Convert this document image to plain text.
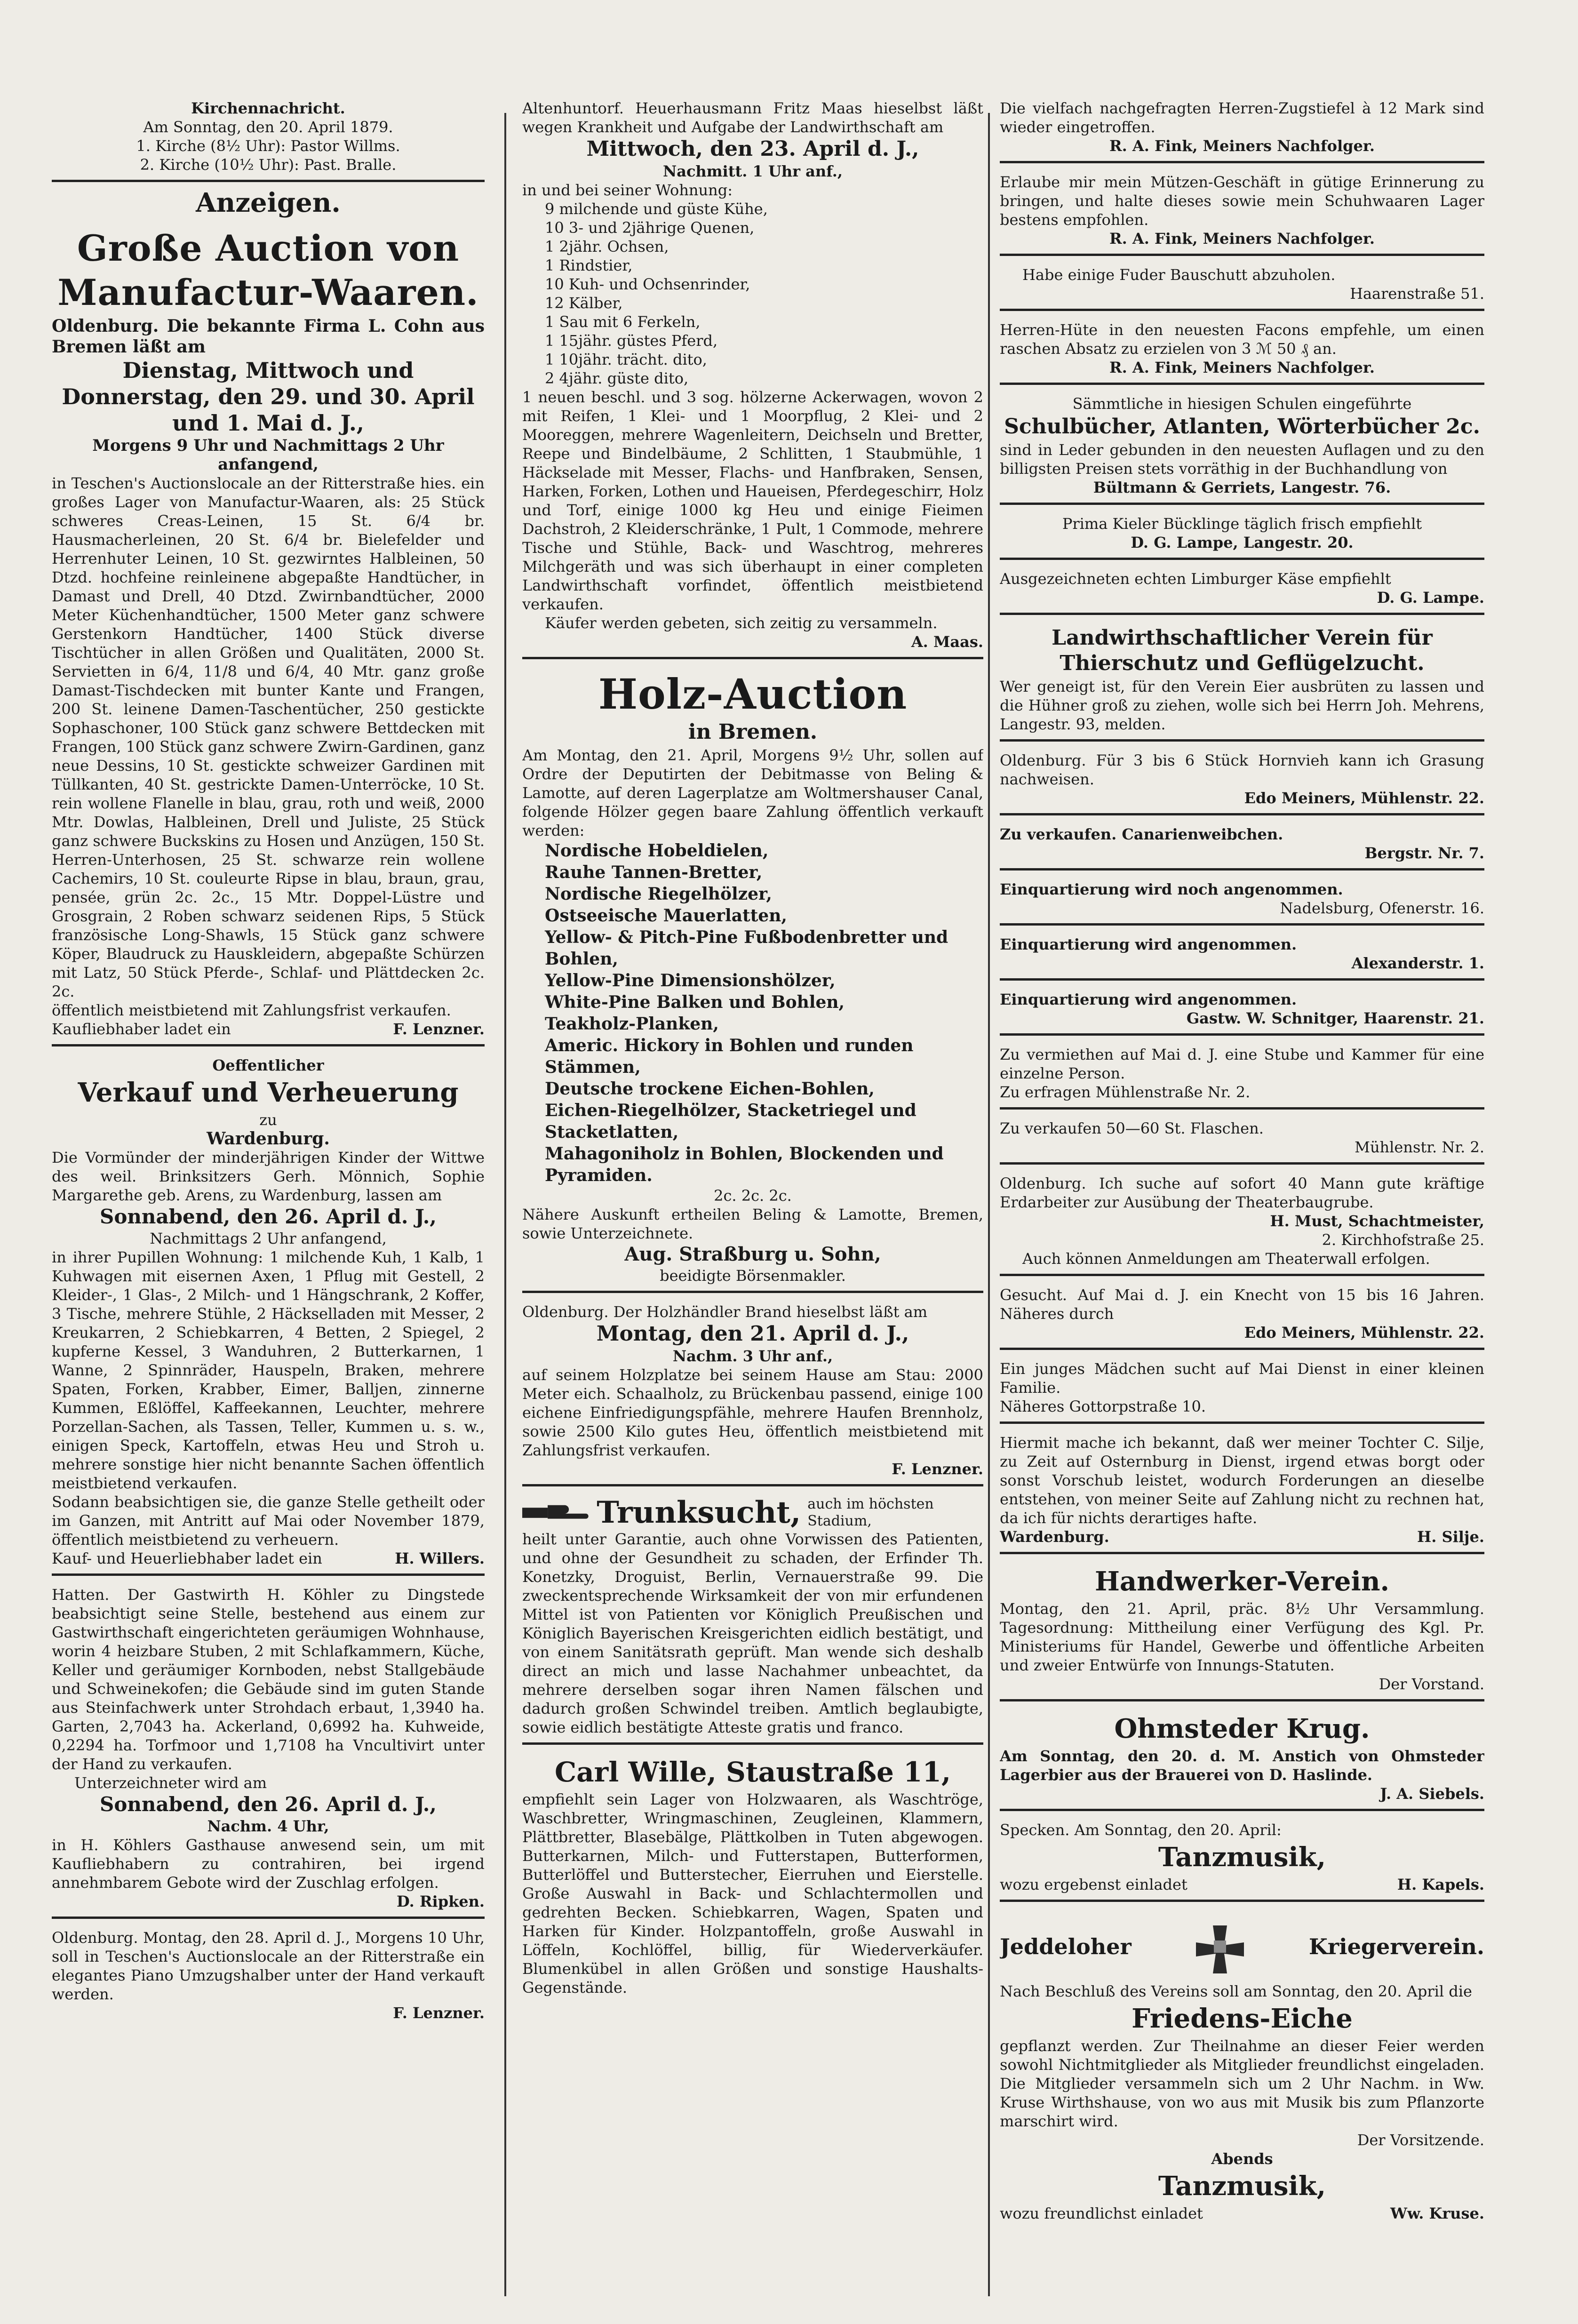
Kirchennachricht.

Am Sonntag, den 20. April 1879.

1. Kirche (8½ Uhr): Pastor Willms.

2. Kirche (10½ Uhr): Past. Bralle.

Anzeigen.
Große Auction von
Manufactur-Waaren.

Oldenburg. Die bekannte Firma L. Cohn aus Bremen läßt am

Dienstag, Mittwoch und Donnerstag, den 29. und 30. April und 1. Mai d. J.,

Morgens 9 Uhr und Nachmittags 2 Uhr anfangend,

in Teschen's Auctionslocale an der Ritterstraße hies. ein großes Lager von Manufactur-Waaren, als: 25 Stück schweres Creas-Leinen, 15 St. 6/4 br. Hausmacherleinen, 20 St. 6/4 br. Bielefelder und Herrenhuter Leinen, 10 St. gezwirntes Halbleinen, 50 Dtzd. hochfeine reinleinene abgepaßte Handtücher, in Damast und Drell, 40 Dtzd. Zwirnbandtücher, 2000 Meter Küchenhandtücher, 1500 Meter ganz schwere Gerstenkorn Handtücher, 1400 Stück diverse Tischtücher in allen Größen und Qualitäten, 2000 St. Servietten in 6/4, 11/8 und 6/4, 40 Mtr. ganz große Damast-Tischdecken mit bunter Kante und Frangen, 200 St. leinene Damen-Taschentücher, 250 gestickte Sophaschoner, 100 Stück ganz schwere Bettdecken mit Frangen, 100 Stück ganz schwere Zwirn-Gardinen, ganz neue Dessins, 10 St. gestickte schweizer Gardinen mit Tüllkanten, 40 St. gestrickte Damen-Unterröcke, 10 St. rein wollene Flanelle in blau, grau, roth und weiß, 2000 Mtr. Dowlas, Halbleinen, Drell und Juliste, 25 Stück ganz schwere Buckskins zu Hosen und Anzügen, 150 St. Herren-Unterhosen, 25 St. schwarze rein wollene Cachemirs, 10 St. couleurte Ripse in blau, braun, grau, pensée, grün 2c. 2c., 15 Mtr. Doppel-Lüstre und Grosgrain, 2 Roben schwarz seidenen Rips, 5 Stück französische Long-Shawls, 15 Stück ganz schwere Köper, Blaudruck zu Hauskleidern, abgepaßte Schürzen mit Latz, 50 Stück Pferde-, Schlaf- und Plättdecken 2c. 2c.

öffentlich meistbietend mit Zahlungsfrist verkaufen.

Kaufliebhaber ladet ein	F. Lenzner.

Oeffentlicher

Verkauf und Verheuerung

zu

Wardenburg.

Die Vormünder der minderjährigen Kinder der Wittwe des weil. Brinksitzers Gerh. Mönnich, Sophie Margarethe geb. Arens, zu Wardenburg, lassen am

Sonnabend, den 26. April d. J.,

Nachmittags 2 Uhr anfangend,

in ihrer Pupillen Wohnung: 1 milchende Kuh, 1 Kalb, 1 Kuhwagen mit eisernen Axen, 1 Pflug mit Gestell, 2 Kleider-, 1 Glas-, 2 Milch- und 1 Hängschrank, 2 Koffer, 3 Tische, mehrere Stühle, 2 Häckselladen mit Messer, 2 Kreukarren, 2 Schiebkarren, 4 Betten, 2 Spiegel, 2 kupferne Kessel, 3 Wanduhren, 2 Butterkarnen, 1 Wanne, 2 Spinnräder, Hauspeln, Braken, mehrere Spaten, Forken, Krabber, Eimer, Balljen, zinnerne Kummen, Eßlöffel, Kaffeekannen, Leuchter, mehrere Porzellan-Sachen, als Tassen, Teller, Kummen u. s. w., einigen Speck, Kartoffeln, etwas Heu und Stroh u. mehrere sonstige hier nicht benannte Sachen öffentlich meistbietend verkaufen.

Sodann beabsichtigen sie, die ganze Stelle getheilt oder im Ganzen, mit Antritt auf Mai oder November 1879, öffentlich meistbietend zu verheuern.

Kauf- und Heuerliebhaber ladet ein	H. Willers.

Hatten. Der Gastwirth H. Köhler zu Dingstede beabsichtigt seine Stelle, bestehend aus einem zur Gastwirthschaft eingerichteten geräumigen Wohnhause, worin 4 heizbare Stuben, 2 mit Schlafkammern, Küche, Keller und geräumiger Kornboden, nebst Stallgebäude und Schweinekofen; die Gebäude sind im guten Stande aus Steinfachwerk unter Strohdach erbaut, 1,3940 ha. Garten, 2,7043 ha. Ackerland, 0,6992 ha. Kuhweide, 0,2294 ha. Torfmoor und 1,7108 ha Vncultivirt unter der Hand zu verkaufen.

Unterzeichneter wird am

Sonnabend, den 26. April d. J.,

Nachm. 4 Uhr,

in H. Köhlers Gasthause anwesend sein, um mit Kaufliebhabern zu contrahiren, bei irgend annehmbarem Gebote wird der Zuschlag erfolgen.

D. Ripken.

Oldenburg. Montag, den 28. April d. J., Morgens 10 Uhr, soll in Teschen's Auctionslocale an der Ritterstraße ein elegantes Piano Umzugshalber unter der Hand verkauft werden.

F. Lenzner.

Altenhuntorf. Heuerhausmann Fritz Maas hieselbst läßt wegen Krankheit und Aufgabe der Landwirthschaft am

Mittwoch, den 23. April d. J.,

Nachmitt. 1 Uhr anf.,

in und bei seiner Wohnung:

9 milchende und güste Kühe,

10 3- und 2jährige Quenen,

1 2jähr. Ochsen,

1 Rindstier,

10 Kuh- und Ochsenrinder,

12 Kälber,

1 Sau mit 6 Ferkeln,

1 15jähr. güstes Pferd,

1 10jähr. trächt. dito,

2 4jähr. güste dito,

1 neuen beschl. und 3 sog. hölzerne Ackerwagen, wovon 2 mit Reifen, 1 Klei- und 1 Moorpflug, 2 Klei- und 2 Mooreggen, mehrere Wagenleitern, Deichseln und Bretter, Reepe und Bindelbäume, 2 Schlitten, 1 Staubmühle, 1 Häckselade mit Messer, Flachs- und Hanfbraken, Sensen, Harken, Forken, Lothen und Haueisen, Pferdegeschirr, Holz und Torf, einige 1000 kg Heu und einige Fieimen Dachstroh, 2 Kleiderschränke, 1 Pult, 1 Commode, mehrere Tische und Stühle, Back- und Waschtrog, mehreres Milchgeräth und was sich überhaupt in einer completen Landwirthschaft vorfindet, öffentlich meistbietend verkaufen.

Käufer werden gebeten, sich zeitig zu versammeln.

A. Maas.

Holz-Auction
in Bremen.

Am Montag, den 21. April, Morgens 9½ Uhr, sollen auf Ordre der Deputirten der Debitmasse von Beling & Lamotte, auf deren Lagerplatze am Woltmershauser Canal, folgende Hölzer gegen baare Zahlung öffentlich verkauft werden:

Nordische Hobeldielen,

Rauhe Tannen-Bretter,

Nordische Riegelhölzer,

Ostseeische Mauerlatten,

Yellow- & Pitch-Pine Fußbodenbretter und Bohlen,

Yellow-Pine Dimensionshölzer,

White-Pine Balken und Bohlen,

Teakholz-Planken,

Americ. Hickory in Bohlen und runden Stämmen,

Deutsche trockene Eichen-Bohlen,

Eichen-Riegelhölzer, Stacketriegel und Stacketlatten,

Mahagoniholz in Bohlen, Blockenden und Pyramiden.

2c. 2c. 2c.

Nähere Auskunft ertheilen Beling & Lamotte, Bremen, sowie Unterzeichnete.

Aug. Straßburg u. Sohn,

beeidigte Börsenmakler.

Oldenburg. Der Holzhändler Brand hieselbst läßt am

Montag, den 21. April d. J.,

Nachm. 3 Uhr anf.,

auf seinem Holzplatze bei seinem Hause am Stau: 2000 Meter eich. Schaalholz, zu Brückenbau passend, einige 100 eichene Einfriedigungspfähle, mehrere Haufen Brennholz, sowie 2500 Kilo gutes Heu, öffentlich meistbietend mit Zahlungsfrist verkaufen.

F. Lenzner.

Trunksucht, auch im höchsten Stadium,

heilt unter Garantie, auch ohne Vorwissen des Patienten, und ohne der Gesundheit zu schaden, der Erfinder Th. Konetzky, Droguist, Berlin, Vernauerstraße 99. Die zweckentsprechende Wirksamkeit der von mir erfundenen Mittel ist von Patienten vor Königlich Preußischen und Königlich Bayerischen Kreisgerichten eidlich bestätigt, und von einem Sanitätsrath geprüft. Man wende sich deshalb direct an mich und lasse Nachahmer unbeachtet, da mehrere derselben sogar ihren Namen fälschen und dadurch großen Schwindel treiben. Amtlich beglaubigte, sowie eidlich bestätigte Atteste gratis und franco.

Carl Wille, Staustraße 11,

empfiehlt sein Lager von Holzwaaren, als Waschtröge, Waschbretter, Wringmaschinen, Zeugleinen, Klammern, Plättbretter, Blasebälge, Plättkolben in Tuten abgewogen. Butterkarnen, Milch- und Futterstapen, Butterformen, Butterlöffel und Butterstecher, Eierruhen und Eierstelle. Große Auswahl in Back- und Schlachtermollen und gedrehten Becken. Schiebkarren, Wagen, Spaten und Harken für Kinder. Holzpantoffeln, große Auswahl in Löffeln, Kochlöffel, billig, für Wiederverkäufer. Blumenkübel in allen Größen und sonstige Haushalts-Gegenstände.

Die vielfach nachgefragten Herren-Zugstiefel à 12 Mark sind wieder eingetroffen.

R. A. Fink, Meiners Nachfolger.

Erlaube mir mein Mützen-Geschäft in gütige Erinnerung zu bringen, und halte dieses sowie mein Schuhwaaren Lager bestens empfohlen.

R. A. Fink, Meiners Nachfolger.

Habe einige Fuder Bauschutt abzuholen.

Haarenstraße 51.

Herren-Hüte in den neuesten Facons empfehle, um einen raschen Absatz zu erzielen von 3 ℳ 50 ₰ an.

R. A. Fink, Meiners Nachfolger.

Sämmtliche in hiesigen Schulen eingeführte

Schulbücher, Atlanten, Wörterbücher 2c.

sind in Leder gebunden in den neuesten Auflagen und zu den billigsten Preisen stets vorräthig in der Buchhandlung von

Bültmann & Gerriets, Langestr. 76.

Prima Kieler Bücklinge täglich frisch empfiehlt

D. G. Lampe, Langestr. 20.

Ausgezeichneten echten Limburger Käse empfiehlt

D. G. Lampe.

Landwirthschaftlicher Verein für Thierschutz und Geflügelzucht.

Wer geneigt ist, für den Verein Eier ausbrüten zu lassen und die Hühner groß zu ziehen, wolle sich bei Herrn Joh. Mehrens, Langestr. 93, melden.

Oldenburg. Für 3 bis 6 Stück Hornvieh kann ich Grasung nachweisen.

Edo Meiners, Mühlenstr. 22.

Zu verkaufen. Canarienweibchen.

Bergstr. Nr. 7.

Einquartierung wird noch angenommen.

Nadelsburg, Ofenerstr. 16.

Einquartierung wird angenommen.

Alexanderstr. 1.

Einquartierung wird angenommen.

Gastw. W. Schnitger, Haarenstr. 21.

Zu vermiethen auf Mai d. J. eine Stube und Kammer für eine einzelne Person.

Zu erfragen Mühlenstraße Nr. 2.

Zu verkaufen 50—60 St. Flaschen.

Mühlenstr. Nr. 2.

Oldenburg. Ich suche auf sofort 40 Mann gute kräftige Erdarbeiter zur Ausübung der Theaterbaugrube.

H. Must, Schachtmeister,

2. Kirchhofstraße 25.

Auch können Anmeldungen am Theaterwall erfolgen.

Gesucht. Auf Mai d. J. ein Knecht von 15 bis 16 Jahren. Näheres durch

Edo Meiners, Mühlenstr. 22.

Ein junges Mädchen sucht auf Mai Dienst in einer kleinen Familie.

Näheres Gottorpstraße 10.

Hiermit mache ich bekannt, daß wer meiner Tochter C. Silje, zu Zeit auf Osternburg in Dienst, irgend etwas borgt oder sonst Vorschub leistet, wodurch Forderungen an dieselbe entstehen, von meiner Seite auf Zahlung nicht zu rechnen hat, da ich für nichts derartiges hafte.

Wardenburg.	H. Silje.

Handwerker-Verein.

Montag, den 21. April, präc. 8½ Uhr Versammlung. Tagesordnung: Mittheilung einer Verfügung des Kgl. Pr. Ministeriums für Handel, Gewerbe und öffentliche Arbeiten und zweier Entwürfe von Innungs-Statuten.

Der Vorstand.

Ohmsteder Krug.

Am Sonntag, den 20. d. M. Anstich von Ohmsteder Lagerbier aus der Brauerei von D. Haslinde.

J. A. Siebels.

Specken. Am Sonntag, den 20. April:

Tanzmusik,

wozu ergebenst einladet	H. Kapels.

Jeddeloher	Kriegerverein.

Nach Beschluß des Vereins soll am Sonntag, den 20. April die

Friedens-Eiche

gepflanzt werden. Zur Theilnahme an dieser Feier werden sowohl Nichtmitglieder als Mitglieder freundlichst eingeladen. Die Mitglieder versammeln sich um 2 Uhr Nachm. in Ww. Kruse Wirthshause, von wo aus mit Musik bis zum Pflanzorte marschirt wird.

Der Vorsitzende.

Abends

Tanzmusik,

wozu freundlichst einladet	Ww. Kruse.
